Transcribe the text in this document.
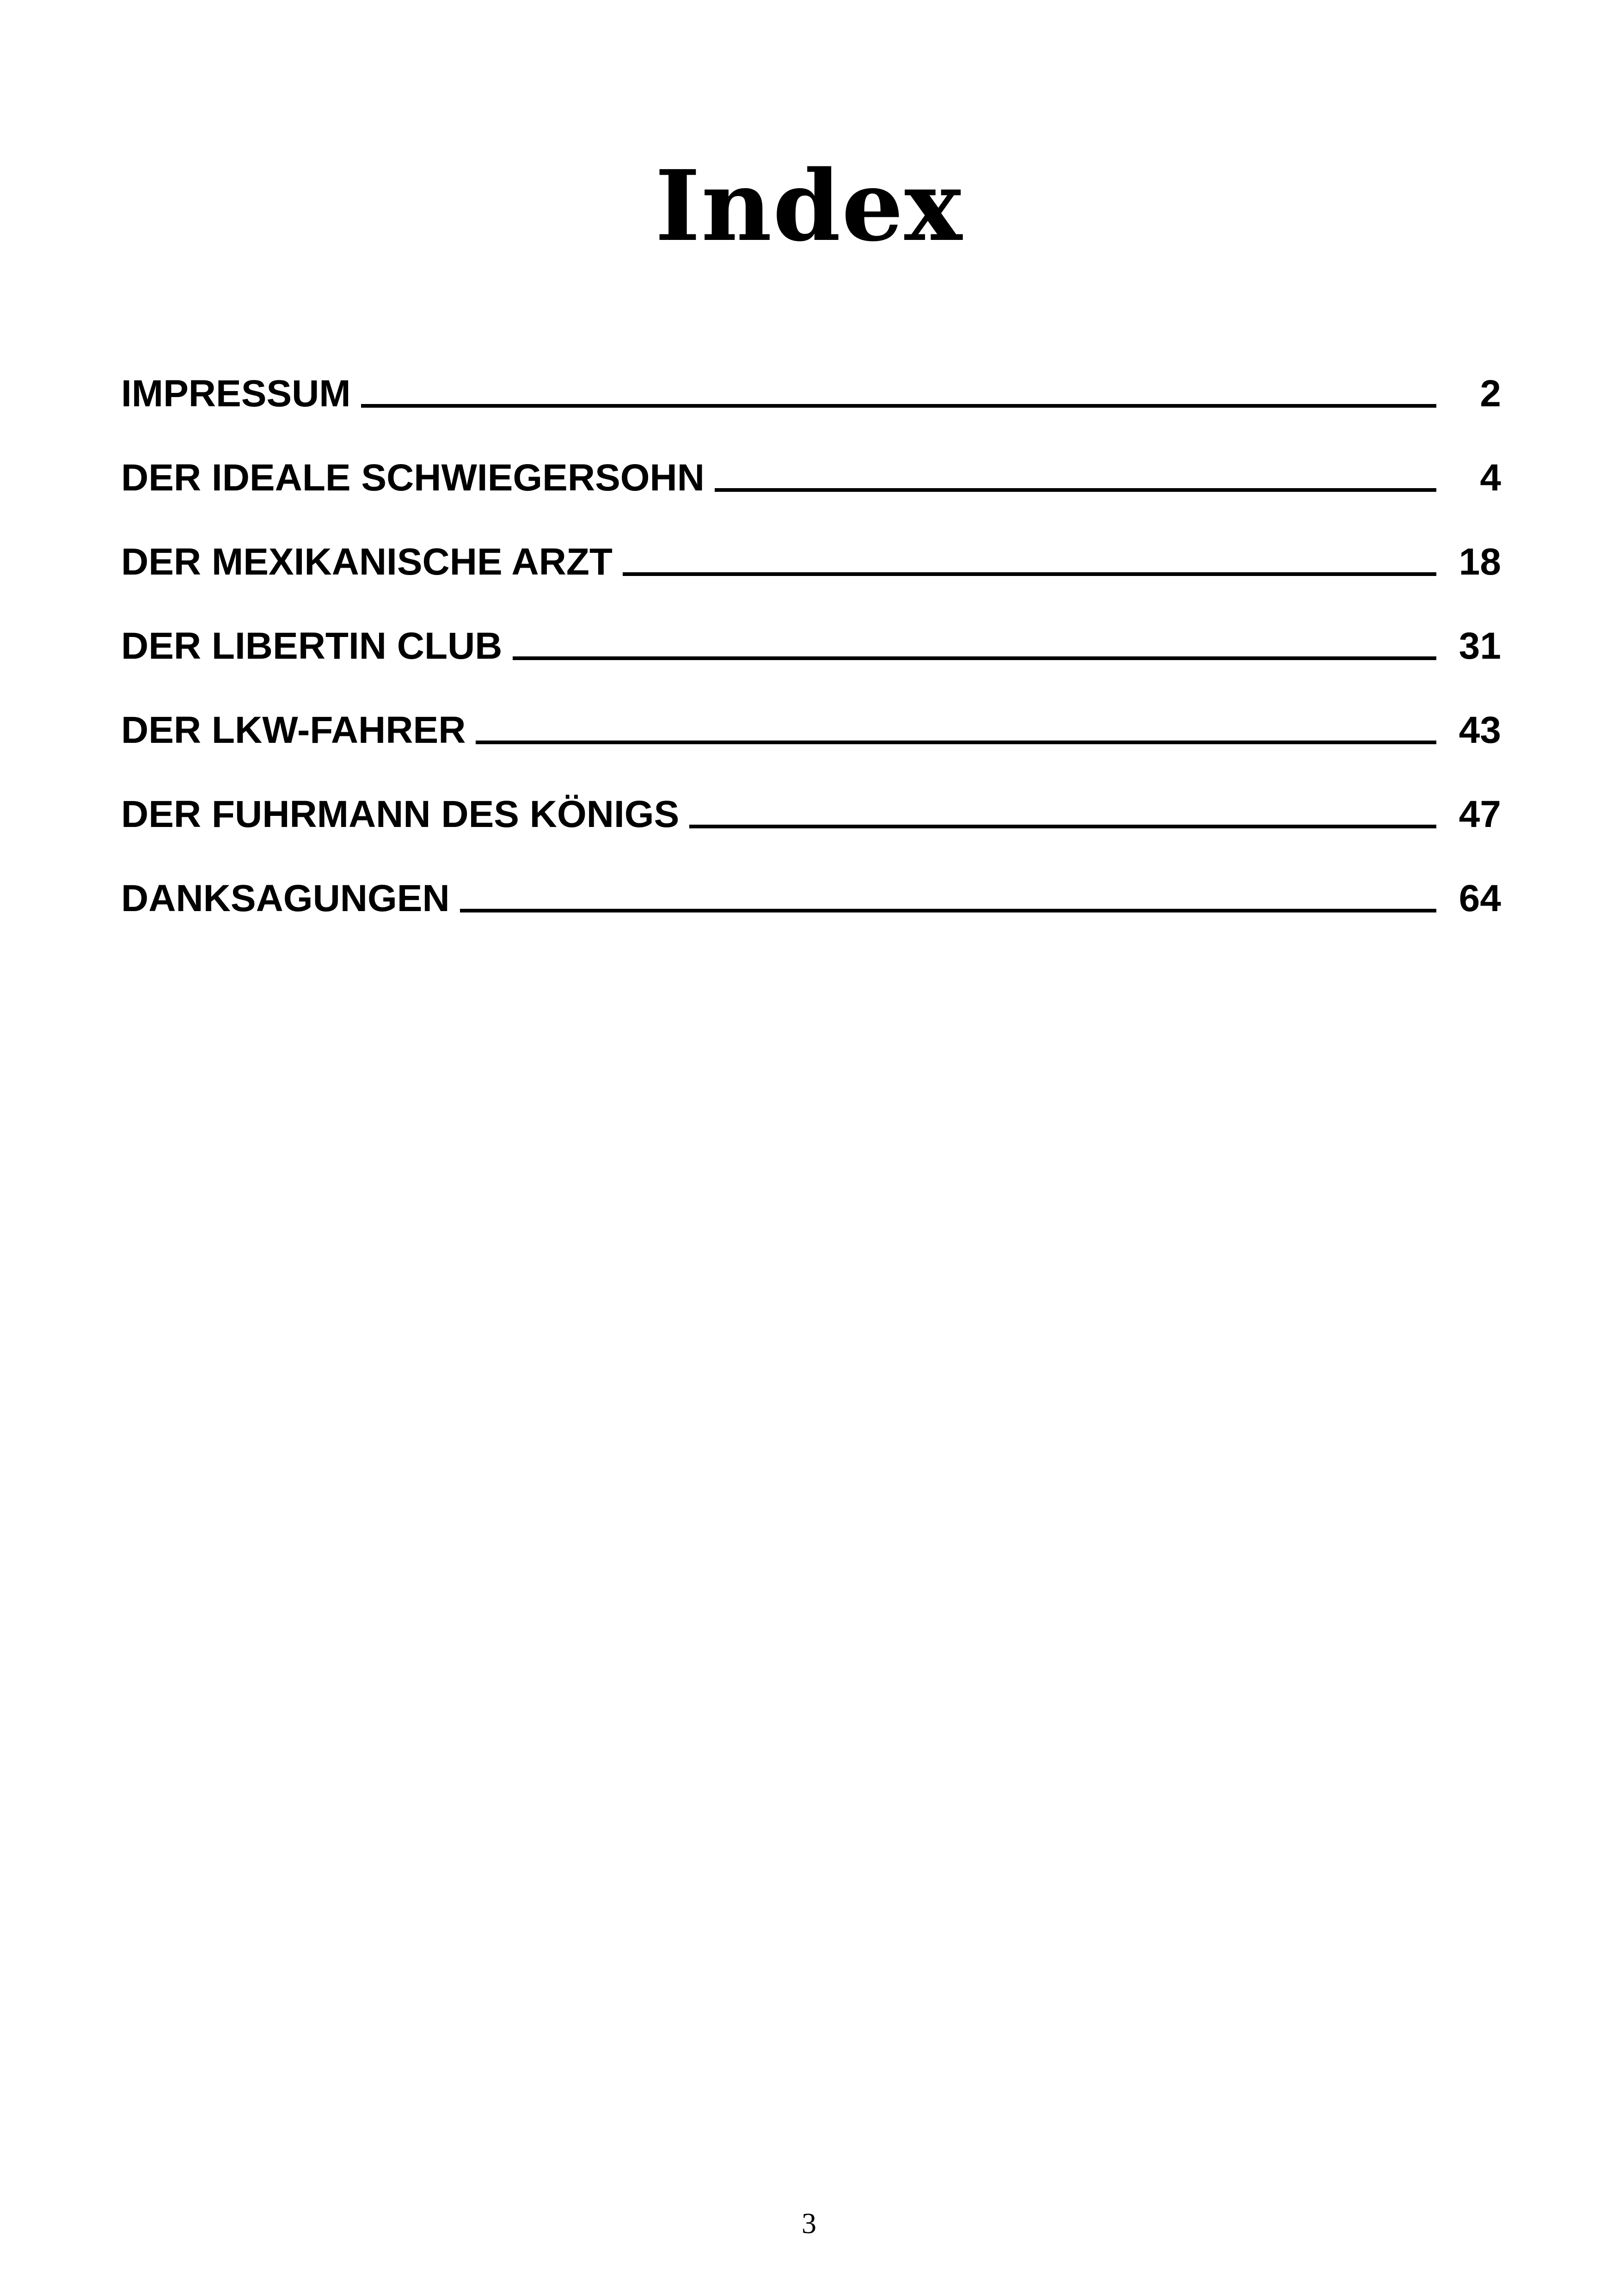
Index
IMPRESSUM	2
DER IDEALE SCHWIEGERSOHN	4
DER MEXIKANISCHE ARZT	18
DER LIBERTIN CLUB	31
DER LKW-FAHRER	43
DER FUHRMANN DES KÖNIGS	47
DANKSAGUNGEN	64
3
